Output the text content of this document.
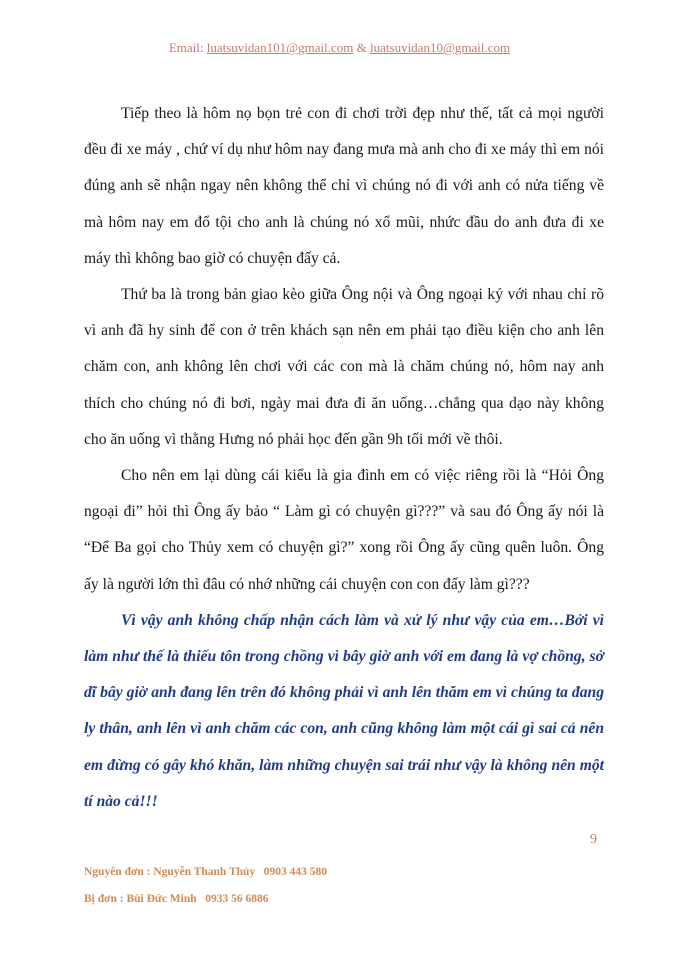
Email: luatsuvidan101@gmail.com & luatsuvidan10@gmail.com

Tiếp theo là hôm nọ bọn trẻ con đi chơi trời đẹp như thế, tất cả mọi người đều đi xe máy , chứ ví dụ như hôm nay đang mưa mà anh cho đi xe máy thì em nói đúng anh sẽ nhận ngay nên không thể chỉ vì chúng nó đi với anh có nửa tiếng về mà hôm nay em đổ tội cho anh là chúng nó xổ mũi, nhức đầu do anh đưa đi xe máy thì không bao giờ có chuyện đấy cả.

Thứ ba là trong bản giao kèo giữa Ông nội và Ông ngoại ký với nhau chỉ rõ vì anh đã hy sinh để con ở trên khách sạn nên em phải tạo điều kiện cho anh lên chăm con, anh không lên chơi với các con mà là chăm chúng nó, hôm nay anh thích cho chúng nó đi bơi, ngày mai đưa đi ăn uống…chẳng qua dạo này không cho ăn uống vì thằng Hưng nó phải học đến gần 9h tối mới về thôi.

Cho nên em lại dùng cái kiểu là gia đình em có việc riêng rồi là “Hỏi Ông ngoại đi” hỏi thì Ông ấy bảo “ Làm gì có chuyện gì???” và sau đó Ông ấy nói là “Để Ba gọi cho Thủy xem có chuyện gì?” xong rồi Ông ấy cũng quên luôn. Ông ấy là người lớn thì đâu có nhớ những cái chuyện con con đấy làm gì???

Vì vậy anh không chấp nhận cách làm và xử lý như vậy của em…Bởi vì làm như thế là thiếu tôn trong chồng vì bây giờ anh với em đang là vợ chồng, sở dĩ bây giờ anh đang lên trên đó không phải vì anh lên thăm em vì chúng ta đang ly thân, anh lên vì anh chăm các con, anh cũng không làm một cái gì sai cả nên em đừng có gây khó khăn, làm những chuyện sai trái như vậy là không nên một tí nào cả!!!

9
Nguyên đơn : Nguyễn Thanh Thủy   0903 443 580
Bị đơn : Bùi Đức Minh   0933 56 6886
